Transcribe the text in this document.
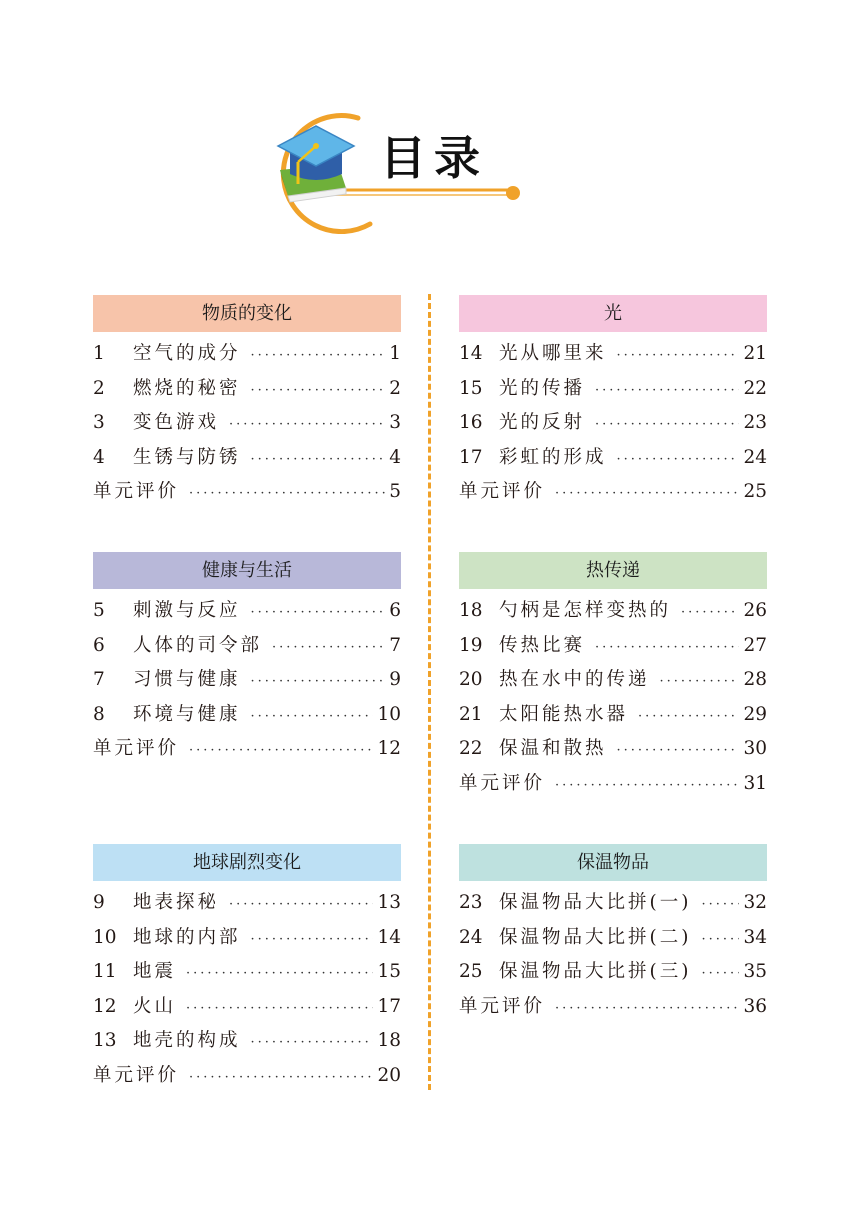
目录
物质的变化
1	空气的成分 ·····	1
2	燃烧的秘密 ·····	2
3	变色游戏 ·····	3
4	生锈与防锈 ·····	4
单元评价 ·····	5
光
14 光从哪里来 ·····	21
15 光的传播 ·····	22
16 光的反射 ·····	23
17 彩虹的形成 ·····	24
单元评价 ·····	25
健康与生活
5	刺激与反应 ·····	6
6	人体的司令部 ·····	7
7	习惯与健康 ·····	9
8	环境与健康 ·····	10
单元评价 ·····	12
热传递
18 勺柄是怎样变热的 ·····	26
19 传热比赛 ·····	27
20 热在水中的传递 ·····	28
21 太阳能热水器 ·····	29
22 保温和散热 ·····	30
单元评价 ·····	31
地球剧烈变化
9	地表探秘 ·····	13
10 地球的内部 ·····	14
11 地震 ·····	15
12 火山 ·····	17
13 地壳的构成 ·····	18
单元评价 ·····	20
保温物品
23 保温物品大比拼(一) ·····	32
24 保温物品大比拼(二) ·····	34
25 保温物品大比拼(三) ·····	35
单元评价 ·····	36
